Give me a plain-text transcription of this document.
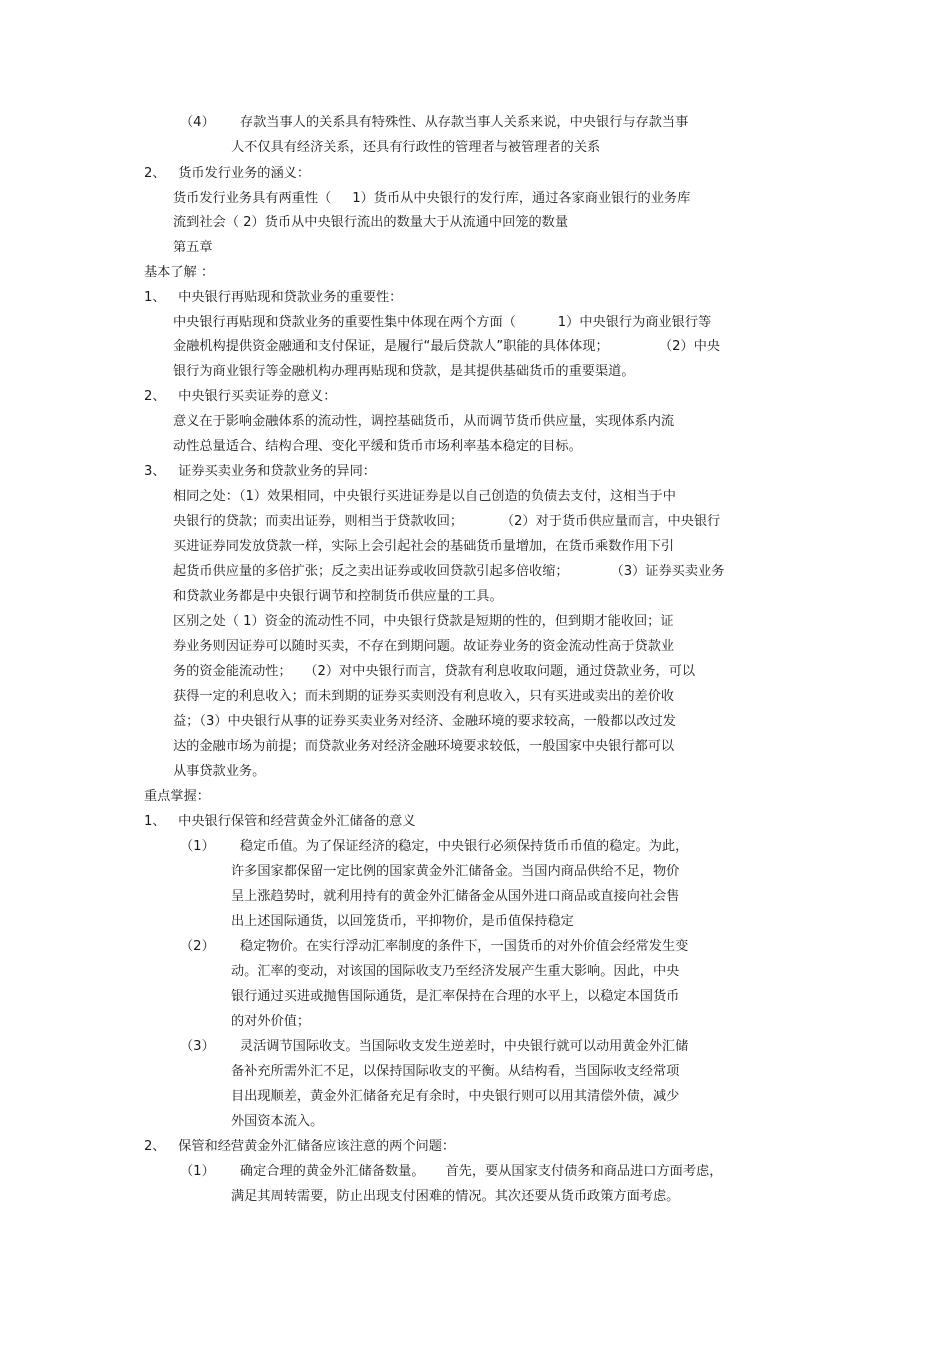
（4）      存款当事人的关系具有特殊性、从存款当事人关系来说，中央银行与存款当事
人不仅具有经济关系，还具有行政性的管理者与被管理者的关系
2、   货币发行业务的涵义：
货币发行业务具有两重性（     1）货币从中央银行的发行库，通过各家商业银行的业务库
流到社会（ 2）货币从中央银行流出的数量大于从流通中回笼的数量
第五章
基本了解 ：
1、   中央银行再贴现和贷款业务的重要性：
中央银行再贴现和贷款业务的重要性集中体现在两个方面（          1）中央银行为商业银行等
金融机构提供资金融通和支付保证，是履行“最后贷款人”职能的具体体现；            （2）中央
银行为商业银行等金融机构办理再贴现和贷款，是其提供基础货币的重要渠道。
2、   中央银行买卖证券的意义：
意义在于影响金融体系的流动性，调控基础货币，从而调节货币供应量，实现体系内流
动性总量适合、结构合理、变化平缓和货币市场利率基本稳定的目标。
3、   证券买卖业务和贷款业务的异同：
相同之处：（1）效果相同，中央银行买进证券是以自己创造的负债去支付，这相当于中
央银行的贷款；而卖出证券，则相当于贷款收回；         （2）对于货币供应量而言，中央银行
买进证券同发放贷款一样，实际上会引起社会的基础货币量增加，在货币乘数作用下引
起货币供应量的多倍扩张；反之卖出证券或收回贷款引起多倍收缩；          （3）证券买卖业务
和贷款业务都是中央银行调节和控制货币供应量的工具。
区别之处（ 1）资金的流动性不同，中央银行贷款是短期的性的，但到期才能收回；证
券业务则因证券可以随时买卖，不存在到期问题。故证券业务的资金流动性高于贷款业
务的资金能流动性；   （2）对中央银行而言，贷款有利息收取问题，通过贷款业务，可以
获得一定的利息收入；而未到期的证券买卖则没有利息收入，只有买进或卖出的差价收
益；（3）中央银行从事的证券买卖业务对经济、金融环境的要求较高，一般都以改过发
达的金融市场为前提；而贷款业务对经济金融环境要求较低，一般国家中央银行都可以
从事贷款业务。
重点掌握：
1、   中央银行保管和经营黄金外汇储备的意义
（1）      稳定币值。为了保证经济的稳定，中央银行必须保持货币币值的稳定。为此，
许多国家都保留一定比例的国家黄金外汇储备金。当国内商品供给不足，物价
呈上涨趋势时，就利用持有的黄金外汇储备金从国外进口商品或直接向社会售
出上述国际通货，以回笼货币，平抑物价，是币值保持稳定
（2）      稳定物价。在实行浮动汇率制度的条件下，一国货币的对外价值会经常发生变
动。汇率的变动，对该国的国际收支乃至经济发展产生重大影响。因此，中央
银行通过买进或抛售国际通货，是汇率保持在合理的水平上，以稳定本国货币
的对外价值；
（3）      灵活调节国际收支。当国际收支发生逆差时，中央银行就可以动用黄金外汇储
备补充所需外汇不足，以保持国际收支的平衡。从结构看，当国际收支经常项
目出现顺差，黄金外汇储备充足有余时，中央银行则可以用其清偿外债，减少
外国资本流入。
2、   保管和经营黄金外汇储备应该注意的两个问题：
（1）      确定合理的黄金外汇储备数量。     首先，要从国家支付债务和商品进口方面考虑，
满足其周转需要，防止出现支付困难的情况。其次还要从货币政策方面考虑。
